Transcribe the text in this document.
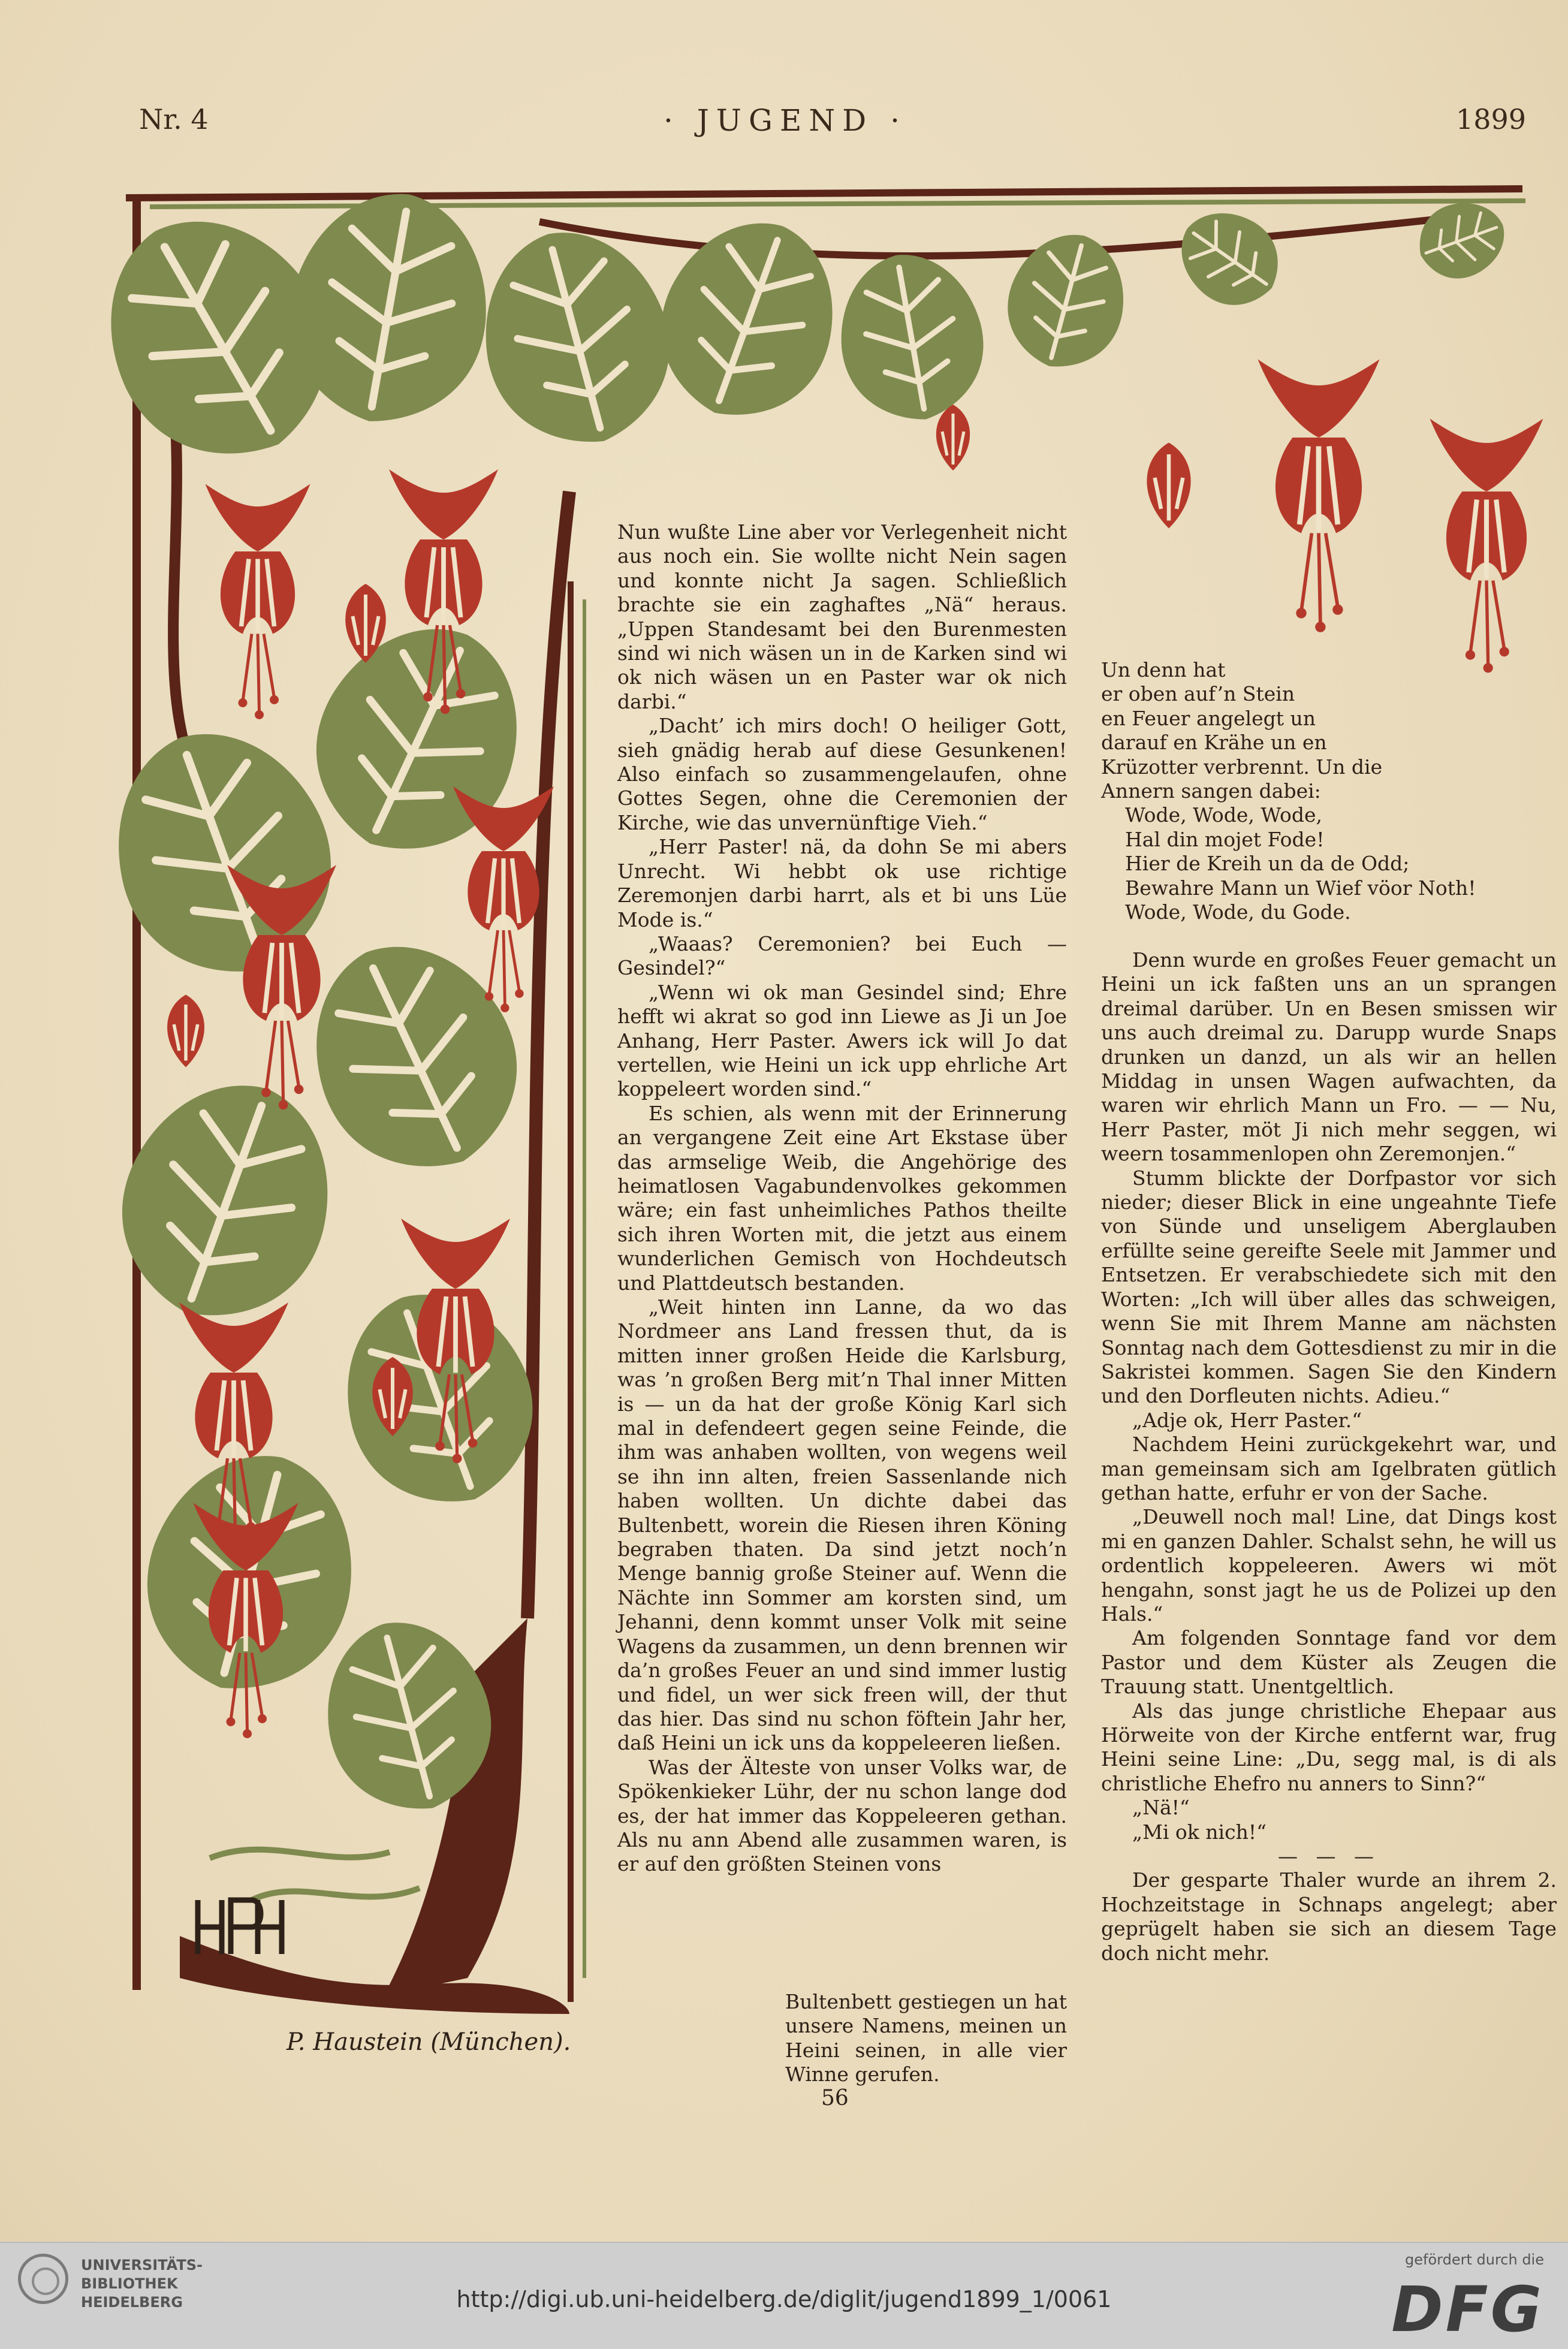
Nr. 4	· JUGEND ·	1899

Nun wußte Line aber vor Verlegenheit nicht aus noch ein. Sie wollte nicht Nein sagen und konnte nicht Ja sagen. Schließlich brachte sie ein zaghaftes „Nä“ heraus. „Uppen Standesamt bei den Burenmesten sind wi nich wäsen un in de Karken sind wi ok nich wäsen un en Paster war ok nich darbi.“

„Dacht’ ich mirs doch! O heiliger Gott, sieh gnädig herab auf diese Gesunkenen! Also einfach so zusammengelaufen, ohne Gottes Segen, ohne die Ceremonien der Kirche, wie das unvernünftige Vieh.“

„Herr Paster! nä, da dohn Se mi abers Unrecht. Wi hebbt ok use richtige Zeremonjen darbi harrt, als et bi uns Lüe Mode is.“

„Waaas? Ceremonien? bei Euch — Gesindel?“

„Wenn wi ok man Gesindel sind; Ehre hefft wi akrat so god inn Liewe as Ji un Joe Anhang, Herr Paster. Awers ick will Jo dat vertellen, wie Heini un ick upp ehrliche Art koppeleert worden sind.“

Es schien, als wenn mit der Erinnerung an vergangene Zeit eine Art Ekstase über das armselige Weib, die Angehörige des heimatlosen Vagabundenvolkes gekommen wäre; ein fast unheimliches Pathos theilte sich ihren Worten mit, die jetzt aus einem wunderlichen Gemisch von Hochdeutsch und Plattdeutsch bestanden.

„Weit hinten inn Lanne, da wo das Nordmeer ans Land fressen thut, da is mitten inner großen Heide die Karlsburg, was ’n großen Berg mit’n Thal inner Mitten is — un da hat der große König Karl sich mal in defendeert gegen seine Feinde, die ihm was anhaben wollten, von wegens weil se ihn inn alten, freien Sassenlande nich haben wollten. Un dichte dabei das Bultenbett, worein die Riesen ihren Köning begraben thaten. Da sind jetzt noch’n Menge bannig große Steiner auf. Wenn die Nächte inn Sommer am korsten sind, um Jehanni, denn kommt unser Volk mit seine Wagens da zusammen, un denn brennen wir da’n großes Feuer an und sind immer lustig und fidel, un wer sick freen will, der thut das hier. Das sind nu schon föftein Jahr her, daß Heini un ick uns da koppeleeren ließen.

Was der Älteste von unser Volks war, de Spökenkieker Lühr, der nu schon lange dod es, der hat immer das Koppeleeren gethan. Als nu ann Abend alle zusammen waren, is er auf den größten Steinen vons

Bultenbett gestiegen un hat unsere Namens, meinen un Heini seinen, in alle vier Winne gerufen.

Un denn hat
er oben auf’n Stein
en Feuer angelegt un
darauf en Krähe un en
Krüzotter verbrennt. Un die
Annern sangen dabei:
Wode, Wode, Wode,
Hal din mojet Fode!
Hier de Kreih un da de Odd;
Bewahre Mann un Wief vöor Noth!
Wode, Wode, du Gode.

Denn wurde en großes Feuer gemacht un Heini un ick faßten uns an un sprangen dreimal darüber. Un en Besen smissen wir uns auch dreimal zu. Darupp wurde Snaps drunken un danzd, un als wir an hellen Middag in unsen Wagen aufwachten, da waren wir ehrlich Mann un Fro. — — Nu, Herr Paster, möt Ji nich mehr seggen, wi weern tosammenlopen ohn Zeremonjen.“

Stumm blickte der Dorfpastor vor sich nieder; dieser Blick in eine ungeahnte Tiefe von Sünde und unseligem Aberglauben erfüllte seine gereifte Seele mit Jammer und Entsetzen. Er verabschiedete sich mit den Worten: „Ich will über alles das schweigen, wenn Sie mit Ihrem Manne am nächsten Sonntag nach dem Gottesdienst zu mir in die Sakristei kommen. Sagen Sie den Kindern und den Dorfleuten nichts. Adieu.“

„Adje ok, Herr Paster.“

Nachdem Heini zurückgekehrt war, und man gemeinsam sich am Igelbraten gütlich gethan hatte, erfuhr er von der Sache.

„Deuwell noch mal! Line, dat Dings kost mi en ganzen Dahler. Schalst sehn, he will us ordentlich koppeleeren. Awers wi möt hengahn, sonst jagt he us de Polizei up den Hals.“

Am folgenden Sonntage fand vor dem Pastor und dem Küster als Zeugen die Trauung statt. Unentgeltlich.

Als das junge christliche Ehepaar aus Hörweite von der Kirche entfernt war, frug Heini seine Line: „Du, segg mal, is di als christliche Ehefro nu anners to Sinn?“

„Nä!“

„Mi ok nich!“

— — —

Der gesparte Thaler wurde an ihrem 2. Hochzeitstage in Schnaps angelegt; aber geprügelt haben sie sich an diesem Tage doch nicht mehr.

P. Haustein (München).
56
UNIVERSITÄTS-
BIBLIOTHEK
HEIDELBERG	http://digi.ub.uni-heidelberg.de/diglit/jugend1899_1/0061
gefördert durch die
DFG
